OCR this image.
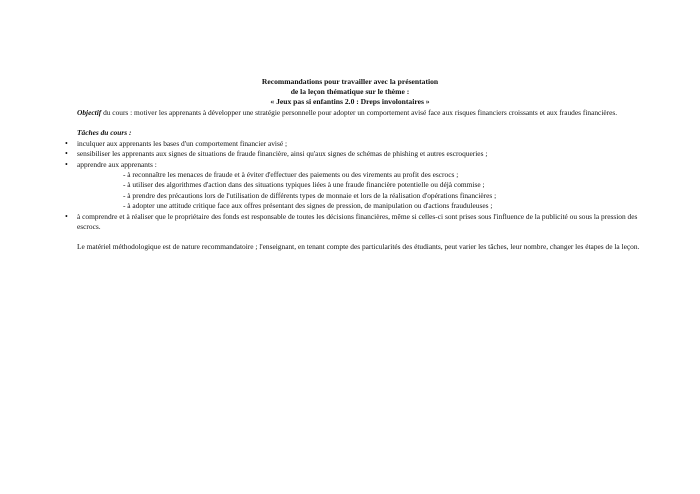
Recommandations pour travailler avec la présentation
de la leçon thématique sur le thème :
« Jeux pas si enfantins 2.0 : Dreps involontaires »

Objectif du cours : motiver les apprenants à développer une stratégie personnelle pour adopter un comportement avisé face aux risques financiers croissants et aux fraudes financières.

Tâches du cours :

• inculquer aux apprenants les bases d'un comportement financier avisé ;
• sensibiliser les apprenants aux signes de situations de fraude financière, ainsi qu'aux signes de schémas de phishing et autres escroqueries ;
• apprendre aux apprenants :
- à reconnaître les menaces de fraude et à éviter d'effectuer des paiements ou des virements au profit des escrocs ;
- à utiliser des algorithmes d'action dans des situations typiques liées à une fraude financière potentielle ou déjà commise ;
- à prendre des précautions lors de l'utilisation de différents types de monnaie et lors de la réalisation d'opérations financières ;
- à adopter une attitude critique face aux offres présentant des signes de pression, de manipulation ou d'actions frauduleuses ;
• à comprendre et à réaliser que le propriétaire des fonds est responsable de toutes les décisions financières, même si celles-ci sont prises sous l'influence de la publicité ou sous la pression des escrocs.

Le matériel méthodologique est de nature recommandatoire ; l'enseignant, en tenant compte des particularités des étudiants, peut varier les tâches, leur nombre, changer les étapes de la leçon.
